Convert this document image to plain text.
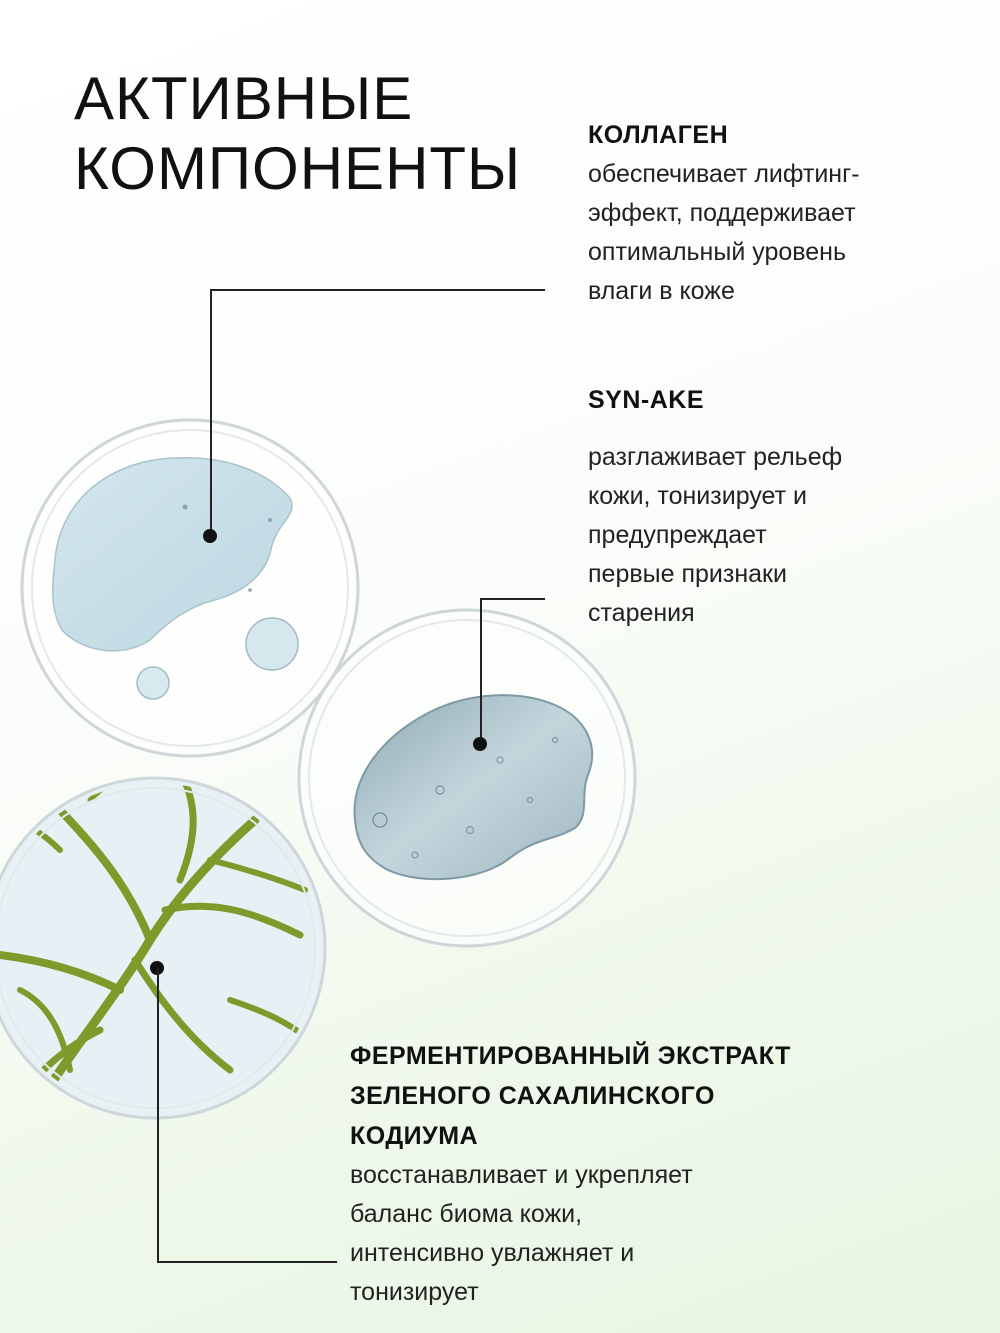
АКТИВНЫЕ
КОМПОНЕНТЫ	КОЛЛАГЕН

обеспечивает лифтинг-
эффект, поддерживает
оптимальный уровень
влаги в коже

SYN-AKE

разглаживает рельеф
кожи, тонизирует и
предупреждает
первые признаки
старения

ФЕРМЕНТИРОВАННЫЙ ЭКСТРАКТ
ЗЕЛЕНОГО САХАЛИНСКОГО
КОДИУМА

восстанавливает и укрепляет
баланс биома кожи,
интенсивно увлажняет и
тонизирует
